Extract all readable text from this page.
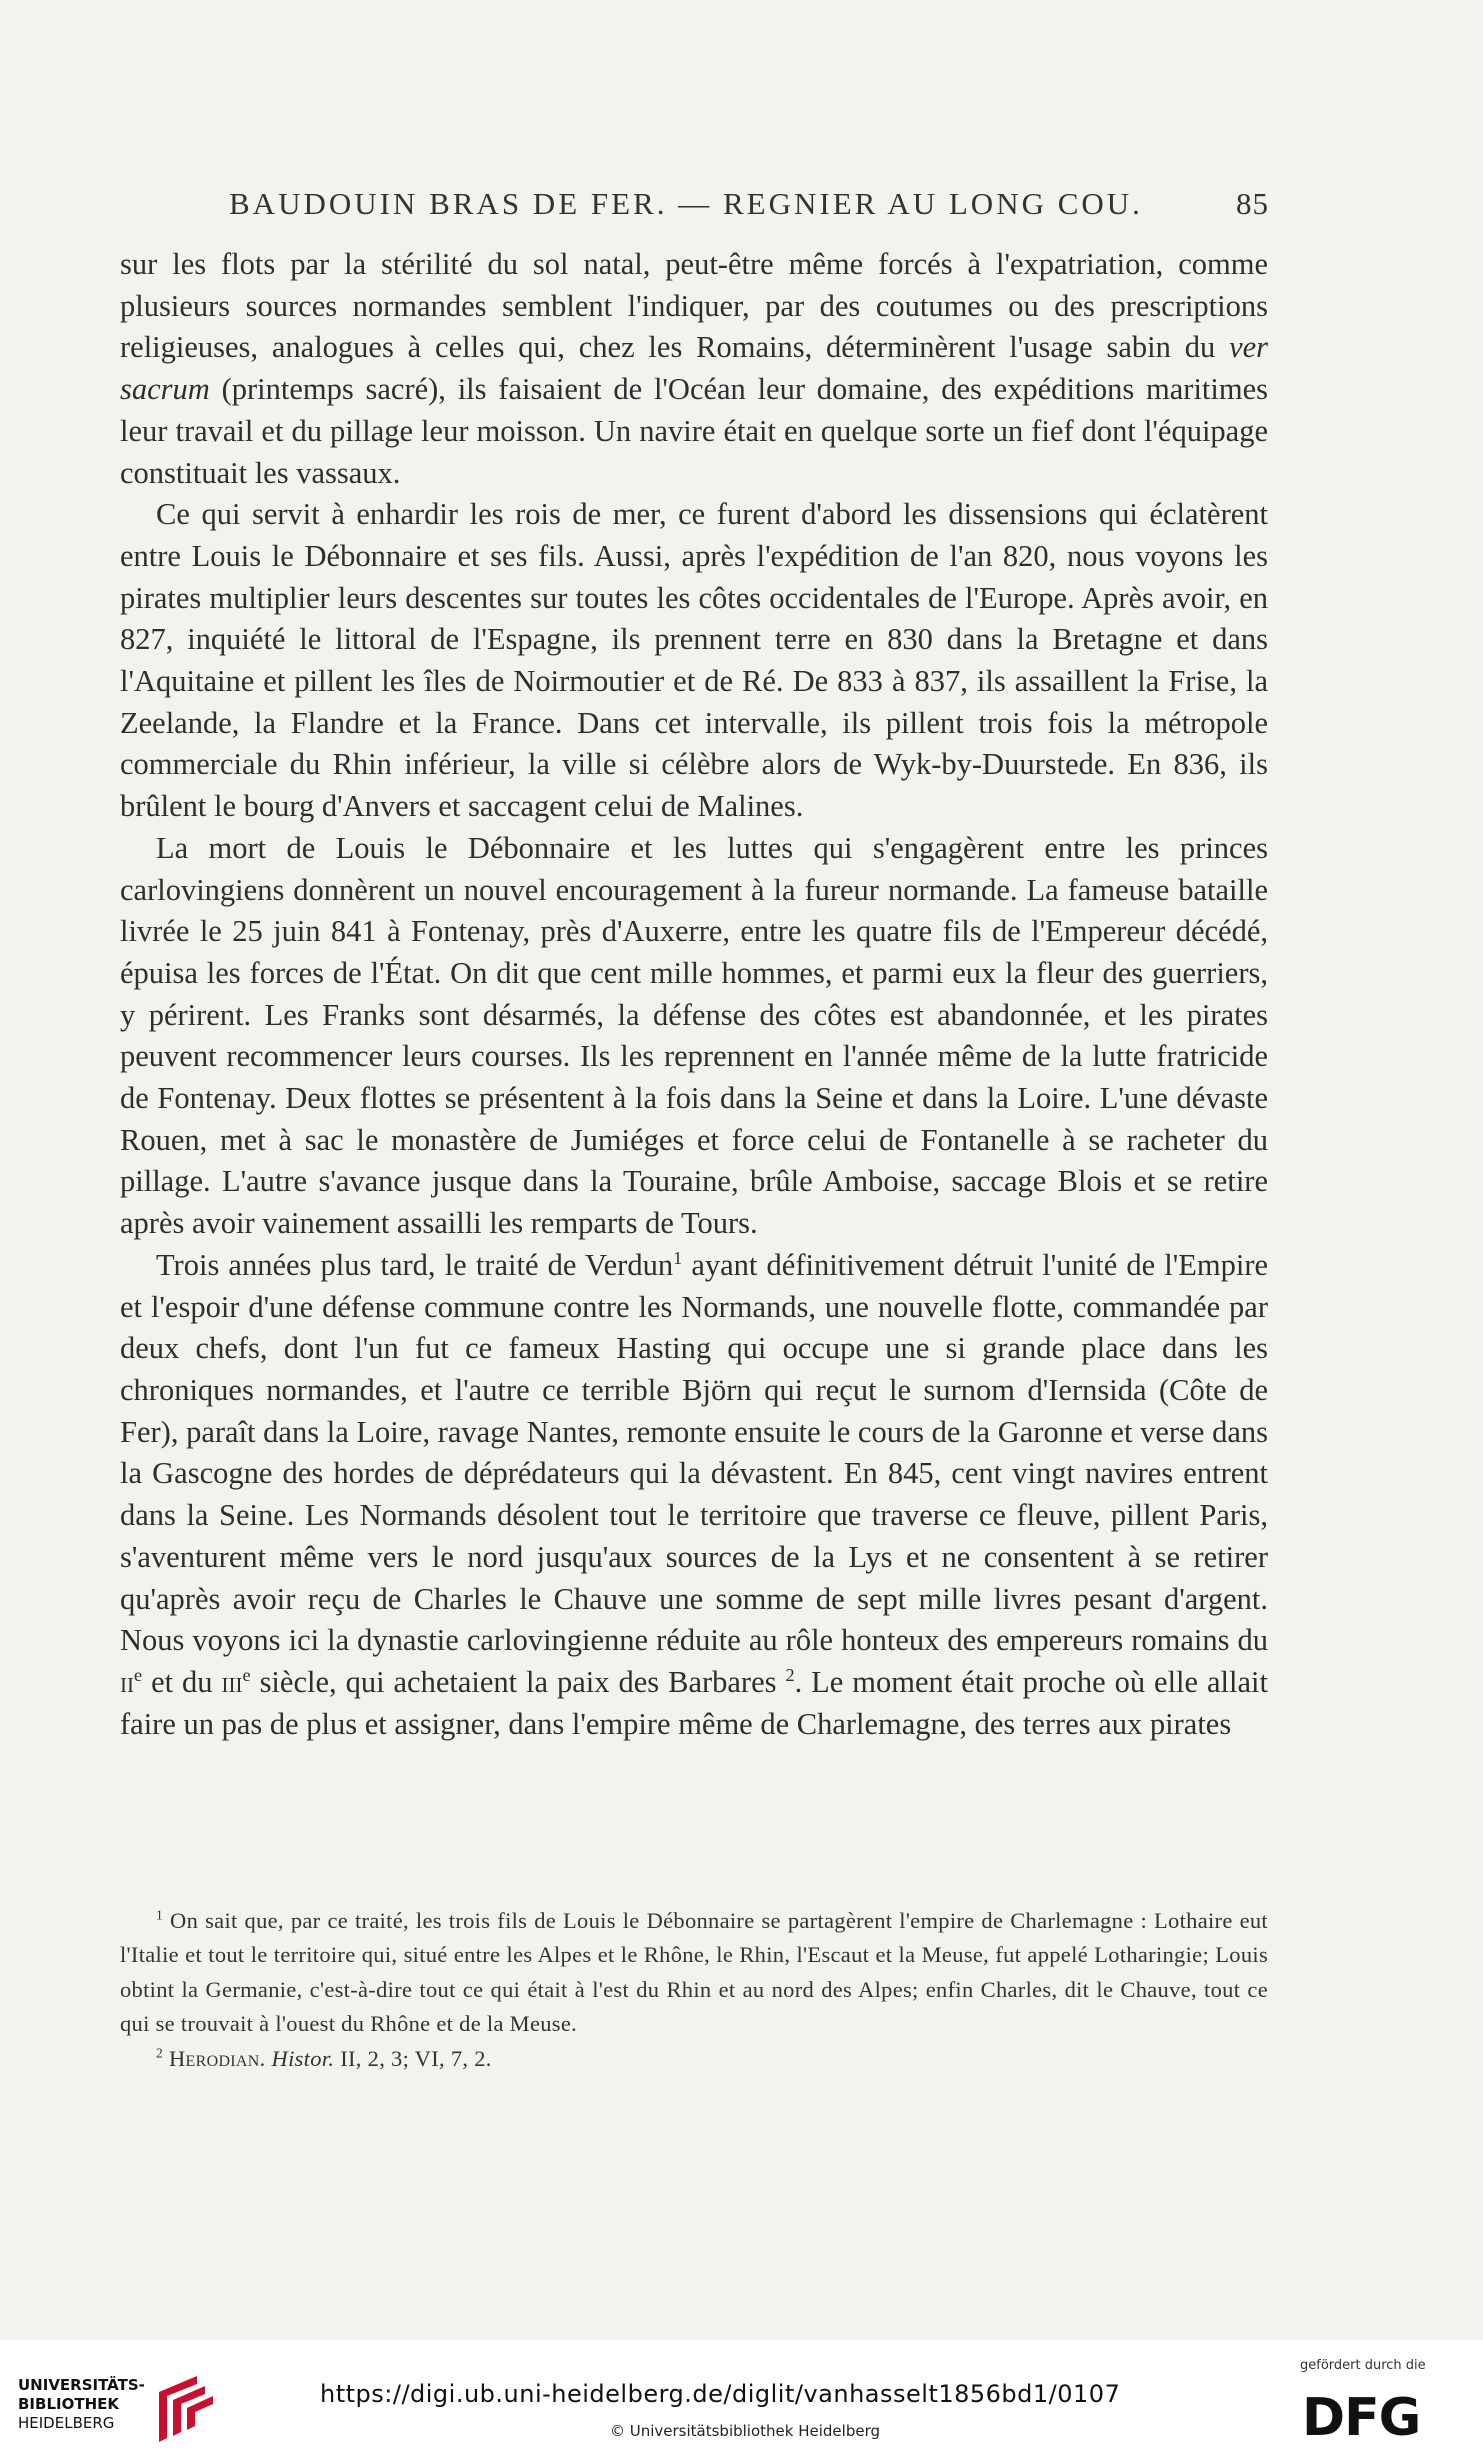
BAUDOUIN BRAS DE FER. — REGNIER AU LONG COU.	85

sur les flots par la stérilité du sol natal, peut-être même forcés à l'expatriation, comme plusieurs sources normandes semblent l'indiquer, par des coutumes ou des prescriptions religieuses, analogues à celles qui, chez les Romains, déterminèrent l'usage sabin du ver sacrum (printemps sacré), ils faisaient de l'Océan leur domaine, des expéditions maritimes leur travail et du pillage leur moisson. Un navire était en quelque sorte un fief dont l'équipage constituait les vassaux.

Ce qui servit à enhardir les rois de mer, ce furent d'abord les dissensions qui éclatèrent entre Louis le Débonnaire et ses fils. Aussi, après l'expédition de l'an 820, nous voyons les pirates multiplier leurs descentes sur toutes les côtes occidentales de l'Europe. Après avoir, en 827, inquiété le littoral de l'Espagne, ils prennent terre en 830 dans la Bretagne et dans l'Aquitaine et pillent les îles de Noirmoutier et de Ré. De 833 à 837, ils assaillent la Frise, la Zeelande, la Flandre et la France. Dans cet intervalle, ils pillent trois fois la métropole commerciale du Rhin inférieur, la ville si célèbre alors de Wyk-by-Duurstede. En 836, ils brûlent le bourg d'Anvers et saccagent celui de Malines.

La mort de Louis le Débonnaire et les luttes qui s'engagèrent entre les princes carlovingiens donnèrent un nouvel encouragement à la fureur normande. La fameuse bataille livrée le 25 juin 841 à Fontenay, près d'Auxerre, entre les quatre fils de l'Empereur décédé, épuisa les forces de l'État. On dit que cent mille hommes, et parmi eux la fleur des guerriers, y périrent. Les Franks sont désarmés, la défense des côtes est abandonnée, et les pirates peuvent recommencer leurs courses. Ils les reprennent en l'année même de la lutte fratricide de Fontenay. Deux flottes se présentent à la fois dans la Seine et dans la Loire. L'une dévaste Rouen, met à sac le monastère de Jumiéges et force celui de Fontanelle à se racheter du pillage. L'autre s'avance jusque dans la Touraine, brûle Amboise, saccage Blois et se retire après avoir vainement assailli les remparts de Tours.

Trois années plus tard, le traité de Verdun$^1$ ayant définitivement détruit l'unité de l'Empire et l'espoir d'une défense commune contre les Normands, une nouvelle flotte, commandée par deux chefs, dont l'un fut ce fameux Hasting qui occupe une si grande place dans les chroniques normandes, et l'autre ce terrible Björn qui reçut le surnom d'Iernsida (Côte de Fer), paraît dans la Loire, ravage Nantes, remonte ensuite le cours de la Garonne et verse dans la Gascogne des hordes de déprédateurs qui la dévastent. En 845, cent vingt navires entrent dans la Seine. Les Normands désolent tout le territoire que traverse ce fleuve, pillent Paris, s'aventurent même vers le nord jusqu'aux sources de la Lys et ne consentent à se retirer qu'après avoir reçu de Charles le Chauve une somme de sept mille livres pesant d'argent. Nous voyons ici la dynastie carlovingienne réduite au rôle honteux des empereurs romains du $ii^e$ et du iii$^e$ siècle, qui achetaient la paix des Barbares $^2$. Le moment était proche où elle allait faire un pas de plus et assigner, dans l'empire même de Charlemagne, des terres aux pirates

$^1$ On sait que, par ce traité, les trois fils de Louis le Débonnaire se partagèrent l'empire de Charlemagne : Lothaire eut l'Italie et tout le territoire qui, situé entre les Alpes et le Rhône, le Rhin, l'Escaut et la Meuse, fut appelé Lotharingie; Louis obtint la Germanie, c'est-à-dire tout ce qui était à l'est du Rhin et au nord des Alpes; enfin Charles, dit le Chauve, tout ce qui se trouvait à l'ouest du Rhône et de la Meuse.

$^2$ Herodian. Histor. II, 2, 3; VI, 7, 2.

UNIVERSITÄTS-
BIBLIOTHEK
HEIDELBERG
https://digi.ub.uni-heidelberg.de/diglit/vanhasselt1856bd1/0107
© Universitätsbibliothek Heidelberg
gefördert durch die
DFG
